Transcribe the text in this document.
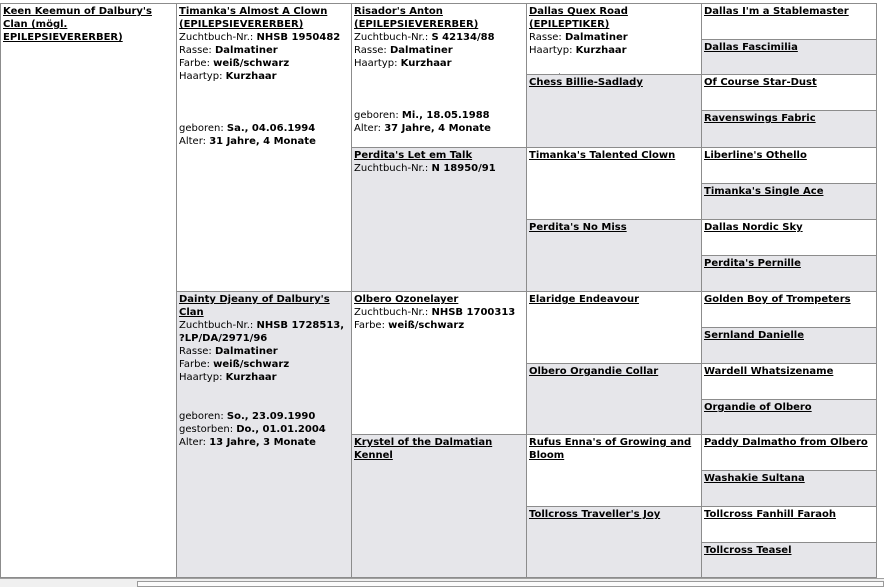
Keen Keemun of Dalbury's Clan (mögl. EPILEPSIEVERERBER)
Timanka's Almost A Clown (EPILEPSIEVERERBER)
Zuchtbuch-Nr.: NHSB 1950482
Rasse: Dalmatiner
Farbe: weiß/schwarz
Haartyp: Kurzhaar
geboren: Sa., 04.06.1994
Alter: 31 Jahre, 4 Monate
Dainty Djeany of Dalbury's Clan
Zuchtbuch-Nr.: NHSB 1728513, ?LP/DA/2971/96
Rasse: Dalmatiner
Farbe: weiß/schwarz
Haartyp: Kurzhaar
geboren: So., 23.09.1990
gestorben: Do., 01.01.2004
Alter: 13 Jahre, 3 Monate
Risador's Anton (EPILEPSIEVERERBER)
Zuchtbuch-Nr.: S 42134/88
Rasse: Dalmatiner
Haartyp: Kurzhaar
geboren: Mi., 18.05.1988
Alter: 37 Jahre, 4 Monate
Perdita's Let em Talk
Zuchtbuch-Nr.: N 18950/91
Olbero Ozonelayer
Zuchtbuch-Nr.: NHSB 1700313
Farbe: weiß/schwarz
Krystel of the Dalmatian Kennel
Dallas Quex Road (EPILEPTIKER)
Rasse: Dalmatiner
Haartyp: Kurzhaar
Chess Billie-Sadlady
Timanka's Talented Clown
Perdita's No Miss
Elaridge Endeavour
Olbero Organdie Collar
Rufus Enna's of Growing and Bloom
Tollcross Traveller's Joy
Dallas I'm a Stablemaster
Dallas Fascimilia
Of Course Star-Dust
Ravenswings Fabric
Liberline's Othello
Timanka's Single Ace
Dallas Nordic Sky
Perdita's Pernille
Golden Boy of Trompeters
Sernland Danielle
Wardell Whatsizename
Organdie of Olbero
Paddy Dalmatho from Olbero
Washakie Sultana
Tollcross Fanhill Faraoh
Tollcross Teasel
